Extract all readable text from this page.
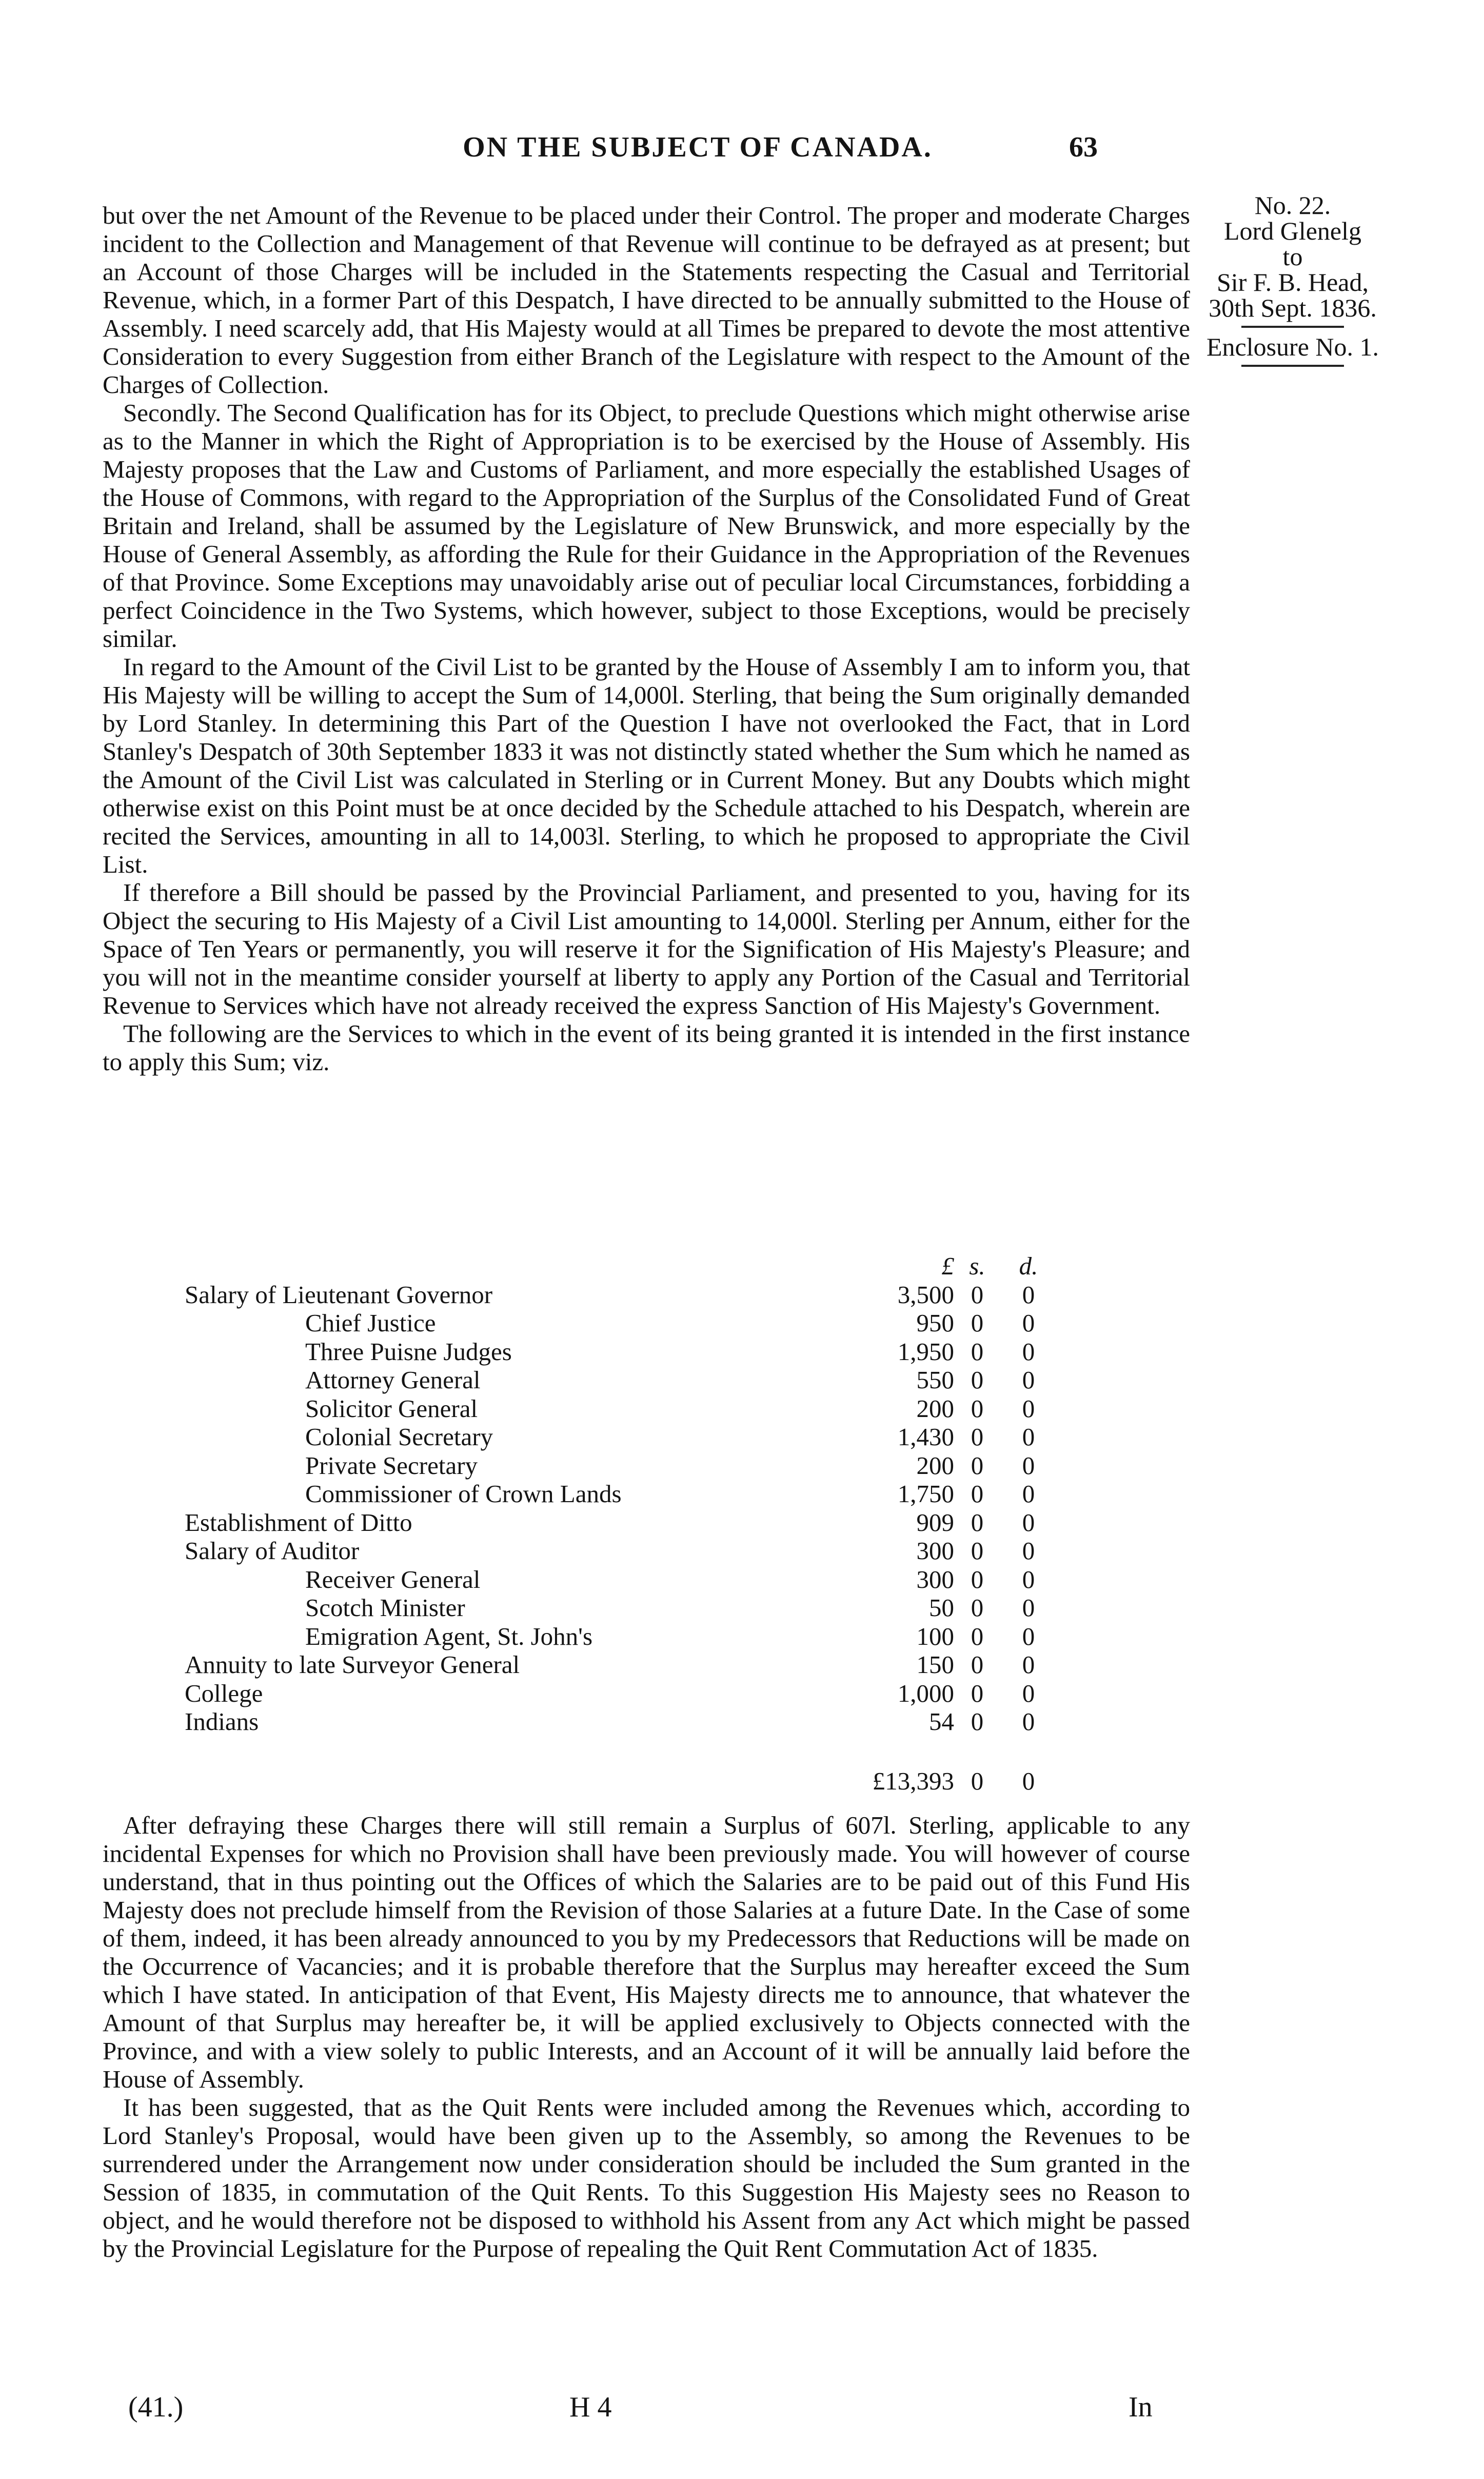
ON THE SUBJECT OF CANADA.	63
No. 22.
Lord Glenelg
to
Sir F. B. Head,
30th Sept. 1836.
Enclosure No. 1.

but over the net Amount of the Revenue to be placed under their Control. The proper and moderate Charges incident to the Collection and Management of that Revenue will continue to be defrayed as at present; but an Account of those Charges will be included in the Statements respecting the Casual and Territorial Revenue, which, in a former Part of this Despatch, I have directed to be annually submitted to the House of Assembly. I need scarcely add, that His Majesty would at all Times be prepared to devote the most attentive Consideration to every Suggestion from either Branch of the Legislature with respect to the Amount of the Charges of Collection.

Secondly. The Second Qualification has for its Object, to preclude Questions which might otherwise arise as to the Manner in which the Right of Appropriation is to be exercised by the House of Assembly. His Majesty proposes that the Law and Customs of Parliament, and more especially the established Usages of the House of Commons, with regard to the Appropriation of the Surplus of the Consolidated Fund of Great Britain and Ireland, shall be assumed by the Legislature of New Brunswick, and more especially by the House of General Assembly, as affording the Rule for their Guidance in the Appropriation of the Revenues of that Province. Some Exceptions may unavoidably arise out of peculiar local Circumstances, forbidding a perfect Coincidence in the Two Systems, which however, subject to those Exceptions, would be precisely similar.

In regard to the Amount of the Civil List to be granted by the House of Assembly I am to inform you, that His Majesty will be willing to accept the Sum of 14,000l. Sterling, that being the Sum originally demanded by Lord Stanley. In determining this Part of the Question I have not overlooked the Fact, that in Lord Stanley's Despatch of 30th September 1833 it was not distinctly stated whether the Sum which he named as the Amount of the Civil List was calculated in Sterling or in Current Money. But any Doubts which might otherwise exist on this Point must be at once decided by the Schedule attached to his Despatch, wherein are recited the Services, amounting in all to 14,003l. Sterling, to which he proposed to appropriate the Civil List.

If therefore a Bill should be passed by the Provincial Parliament, and presented to you, having for its Object the securing to His Majesty of a Civil List amounting to 14,000l. Sterling per Annum, either for the Space of Ten Years or permanently, you will reserve it for the Signification of His Majesty's Pleasure; and you will not in the meantime consider yourself at liberty to apply any Portion of the Casual and Territorial Revenue to Services which have not already received the express Sanction of His Majesty's Government.

The following are the Services to which in the event of its being granted it is intended in the first instance to apply this Sum; viz.

£ s. d.
Salary of Lieutenant Governor	3,500 0 0
Chief Justice	950 0 0
Three Puisne Judges	1,950 0 0
Attorney General	550 0 0
Solicitor General	200 0 0
Colonial Secretary	1,430 0 0
Private Secretary	200 0 0
Commissioner of Crown Lands	1,750 0 0
Establishment of Ditto	909 0 0
Salary of Auditor	300 0 0
Receiver General	300 0 0
Scotch Minister	50 0 0
Emigration Agent, St. John's	100 0 0
Annuity to late Surveyor General	150 0 0
College	1,000 0 0
Indians	54 0 0
£13,393 0 0

After defraying these Charges there will still remain a Surplus of 607l. Sterling, applicable to any incidental Expenses for which no Provision shall have been previously made. You will however of course understand, that in thus pointing out the Offices of which the Salaries are to be paid out of this Fund His Majesty does not preclude himself from the Revision of those Salaries at a future Date. In the Case of some of them, indeed, it has been already announced to you by my Predecessors that Reductions will be made on the Occurrence of Vacancies; and it is probable therefore that the Surplus may hereafter exceed the Sum which I have stated. In anticipation of that Event, His Majesty directs me to announce, that whatever the Amount of that Surplus may hereafter be, it will be applied exclusively to Objects connected with the Province, and with a view solely to public Interests, and an Account of it will be annually laid before the House of Assembly.

It has been suggested, that as the Quit Rents were included among the Revenues which, according to Lord Stanley's Proposal, would have been given up to the Assembly, so among the Revenues to be surrendered under the Arrangement now under consideration should be included the Sum granted in the Session of 1835, in commutation of the Quit Rents. To this Suggestion His Majesty sees no Reason to object, and he would therefore not be disposed to withhold his Assent from any Act which might be passed by the Provincial Legislature for the Purpose of repealing the Quit Rent Commutation Act of 1835.

(41.)	H 4	In
